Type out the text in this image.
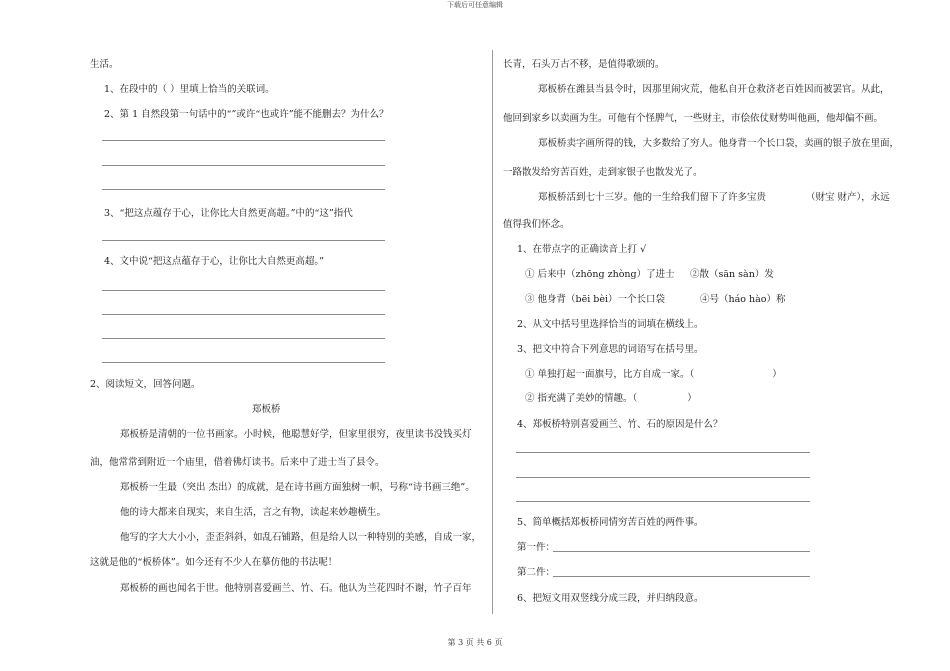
下载后可任意编辑
生活。
1、在段中的（ ）里填上恰当的关联词。
2、第 1 自然段第一句话中的“”或许“也或许”能不能删去？为什么？
3、“把这点蕴存于心，让你比大自然更高超。”中的“这”指代
4、文中说“把这点蕴存于心，让你比大自然更高超。”
2、阅读短文，回答问题。
郑板桥
郑板桥是清朝的一位书画家。小时候，他聪慧好学，但家里很穷，夜里读书没钱买灯
油，他常常到附近一个庙里，借着佛灯读书。后来中了进士当了县令。
郑板桥一生最（突出 杰出）的成就，是在诗书画方面独树一帜，号称“诗书画三绝”。
他的诗大都来自现实，来自生活，言之有物，读起来妙趣横生。
他写的字大大小小，歪歪斜斜，如乱石铺路，但是给人以一种特别的美感，自成一家，
这就是他的“板桥体”。如今还有不少人在摹仿他的书法呢！
郑板桥的画也闻名于世。他特别喜爱画兰、竹、石。他认为兰花四时不谢，竹子百年
长青，石头万古不移，是值得歌颂的。
郑板桥在潍县当县令时，因那里闹灾荒，他私自开仓救济老百姓因而被罢官。从此，
他回到家乡以卖画为生。可他有个怪脾气，一些财主，市侩依仗财势叫他画，他却偏不画。
郑板桥卖字画所得的钱，大多数给了穷人。他身背一个长口袋，卖画的银子放在里面，
一路散发给穷苦百姓，走到家银子也散发光了。
郑板桥活到七十三岁。他的一生给我们留下了许多宝贵	（财宝 财产），永远
值得我们怀念。
1、在带点字的正确读音上打 √
① 后来中（zhōng zhòng）了进士 ②散（sān sàn）发
③ 他身背（bēi bèi）一个长口袋	④号（háo hào）称
2、从文中括号里选择恰当的词填在横线上。
3、把文中符合下列意思的词语写在括号里。
① 单独打起一面旗号，比方自成一家。（	）
② 指充满了美妙的情趣。（	）
4、郑板桥特别喜爱画兰、竹、石的原因是什么？
5、简单概括郑板桥同情穷苦百姓的两件事。
第一件：
第二件：
6、把短文用双竖线分成三段，并归纳段意。
第 3 页 共 6 页
